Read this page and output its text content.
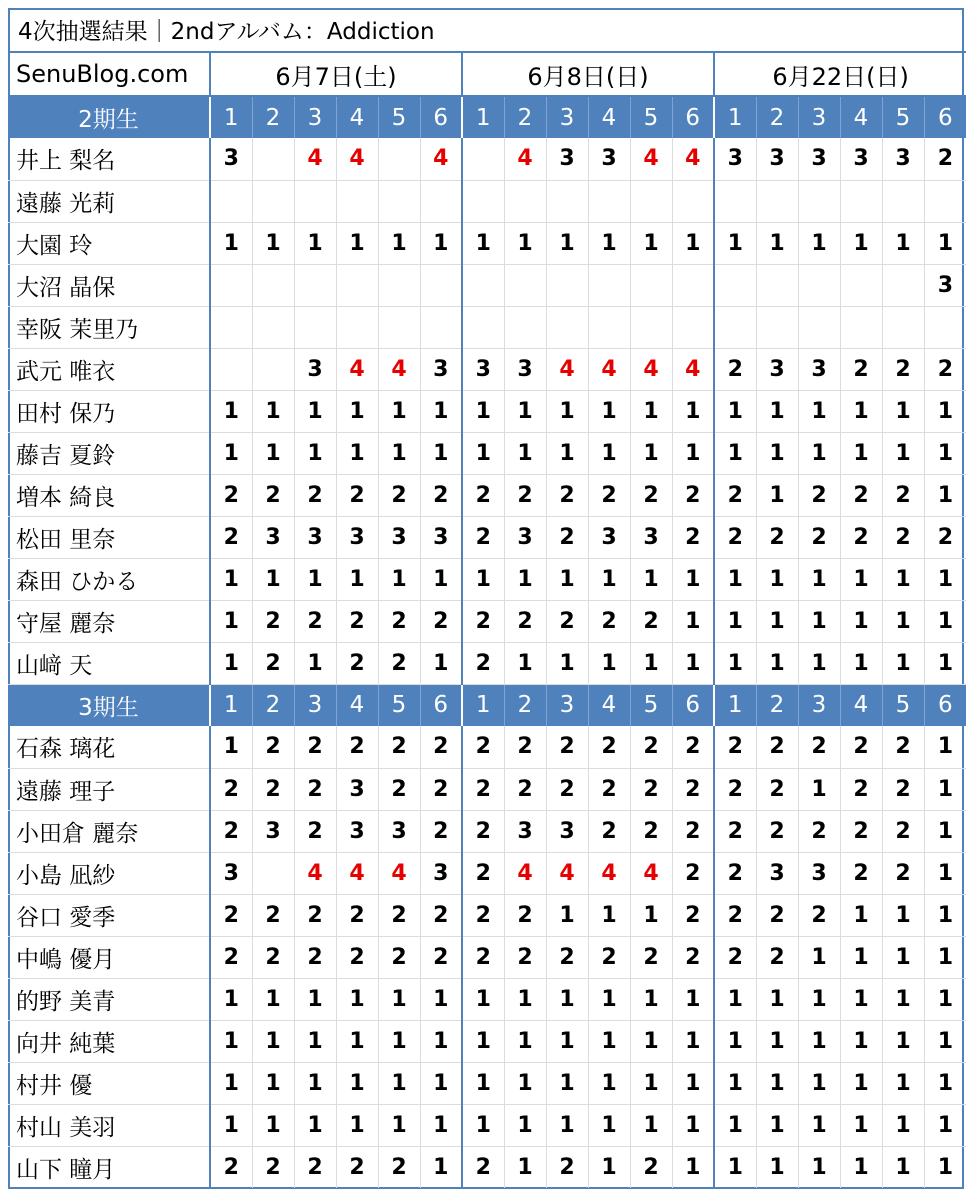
4次抽選結果｜2ndアルバム：Addiction																		
SenuBlog.com	6月7日(土)						6月8日(日)						6月22日(日)					
2期生	1	2	3	4	5	6	1	2	3	4	5	6	1	2	3	4	5	6
井上 梨名	3		4	4		4		4	3	3	4	4	3	3	3	3	3	2
遠藤 光莉																		
大園 玲	1	1	1	1	1	1	1	1	1	1	1	1	1	1	1	1	1	1
大沼 晶保																		3
幸阪 茉里乃																		
武元 唯衣			3	4	4	3	3	3	4	4	4	4	2	3	3	2	2	2
田村 保乃	1	1	1	1	1	1	1	1	1	1	1	1	1	1	1	1	1	1
藤吉 夏鈴	1	1	1	1	1	1	1	1	1	1	1	1	1	1	1	1	1	1
増本 綺良	2	2	2	2	2	2	2	2	2	2	2	2	2	1	2	2	2	1
松田 里奈	2	3	3	3	3	3	2	3	2	3	3	2	2	2	2	2	2	2
森田 ひかる	1	1	1	1	1	1	1	1	1	1	1	1	1	1	1	1	1	1
守屋 麗奈	1	2	2	2	2	2	2	2	2	2	2	1	1	1	1	1	1	1
山﨑 天	1	2	1	2	2	1	2	1	1	1	1	1	1	1	1	1	1	1
3期生	1	2	3	4	5	6	1	2	3	4	5	6	1	2	3	4	5	6
石森 璃花	1	2	2	2	2	2	2	2	2	2	2	2	2	2	2	2	2	1
遠藤 理子	2	2	2	3	2	2	2	2	2	2	2	2	2	2	1	2	2	1
小田倉 麗奈	2	3	2	3	3	2	2	3	3	2	2	2	2	2	2	2	2	1
小島 凪紗	3		4	4	4	3	2	4	4	4	4	2	2	3	3	2	2	1
谷口 愛季	2	2	2	2	2	2	2	2	1	1	1	2	2	2	2	1	1	1
中嶋 優月	2	2	2	2	2	2	2	2	2	2	2	2	2	2	1	1	1	1
的野 美青	1	1	1	1	1	1	1	1	1	1	1	1	1	1	1	1	1	1
向井 純葉	1	1	1	1	1	1	1	1	1	1	1	1	1	1	1	1	1	1
村井 優	1	1	1	1	1	1	1	1	1	1	1	1	1	1	1	1	1	1
村山 美羽	1	1	1	1	1	1	1	1	1	1	1	1	1	1	1	1	1	1
山下 瞳月	2	2	2	2	2	1	2	1	2	1	2	1	1	1	1	1	1	1
